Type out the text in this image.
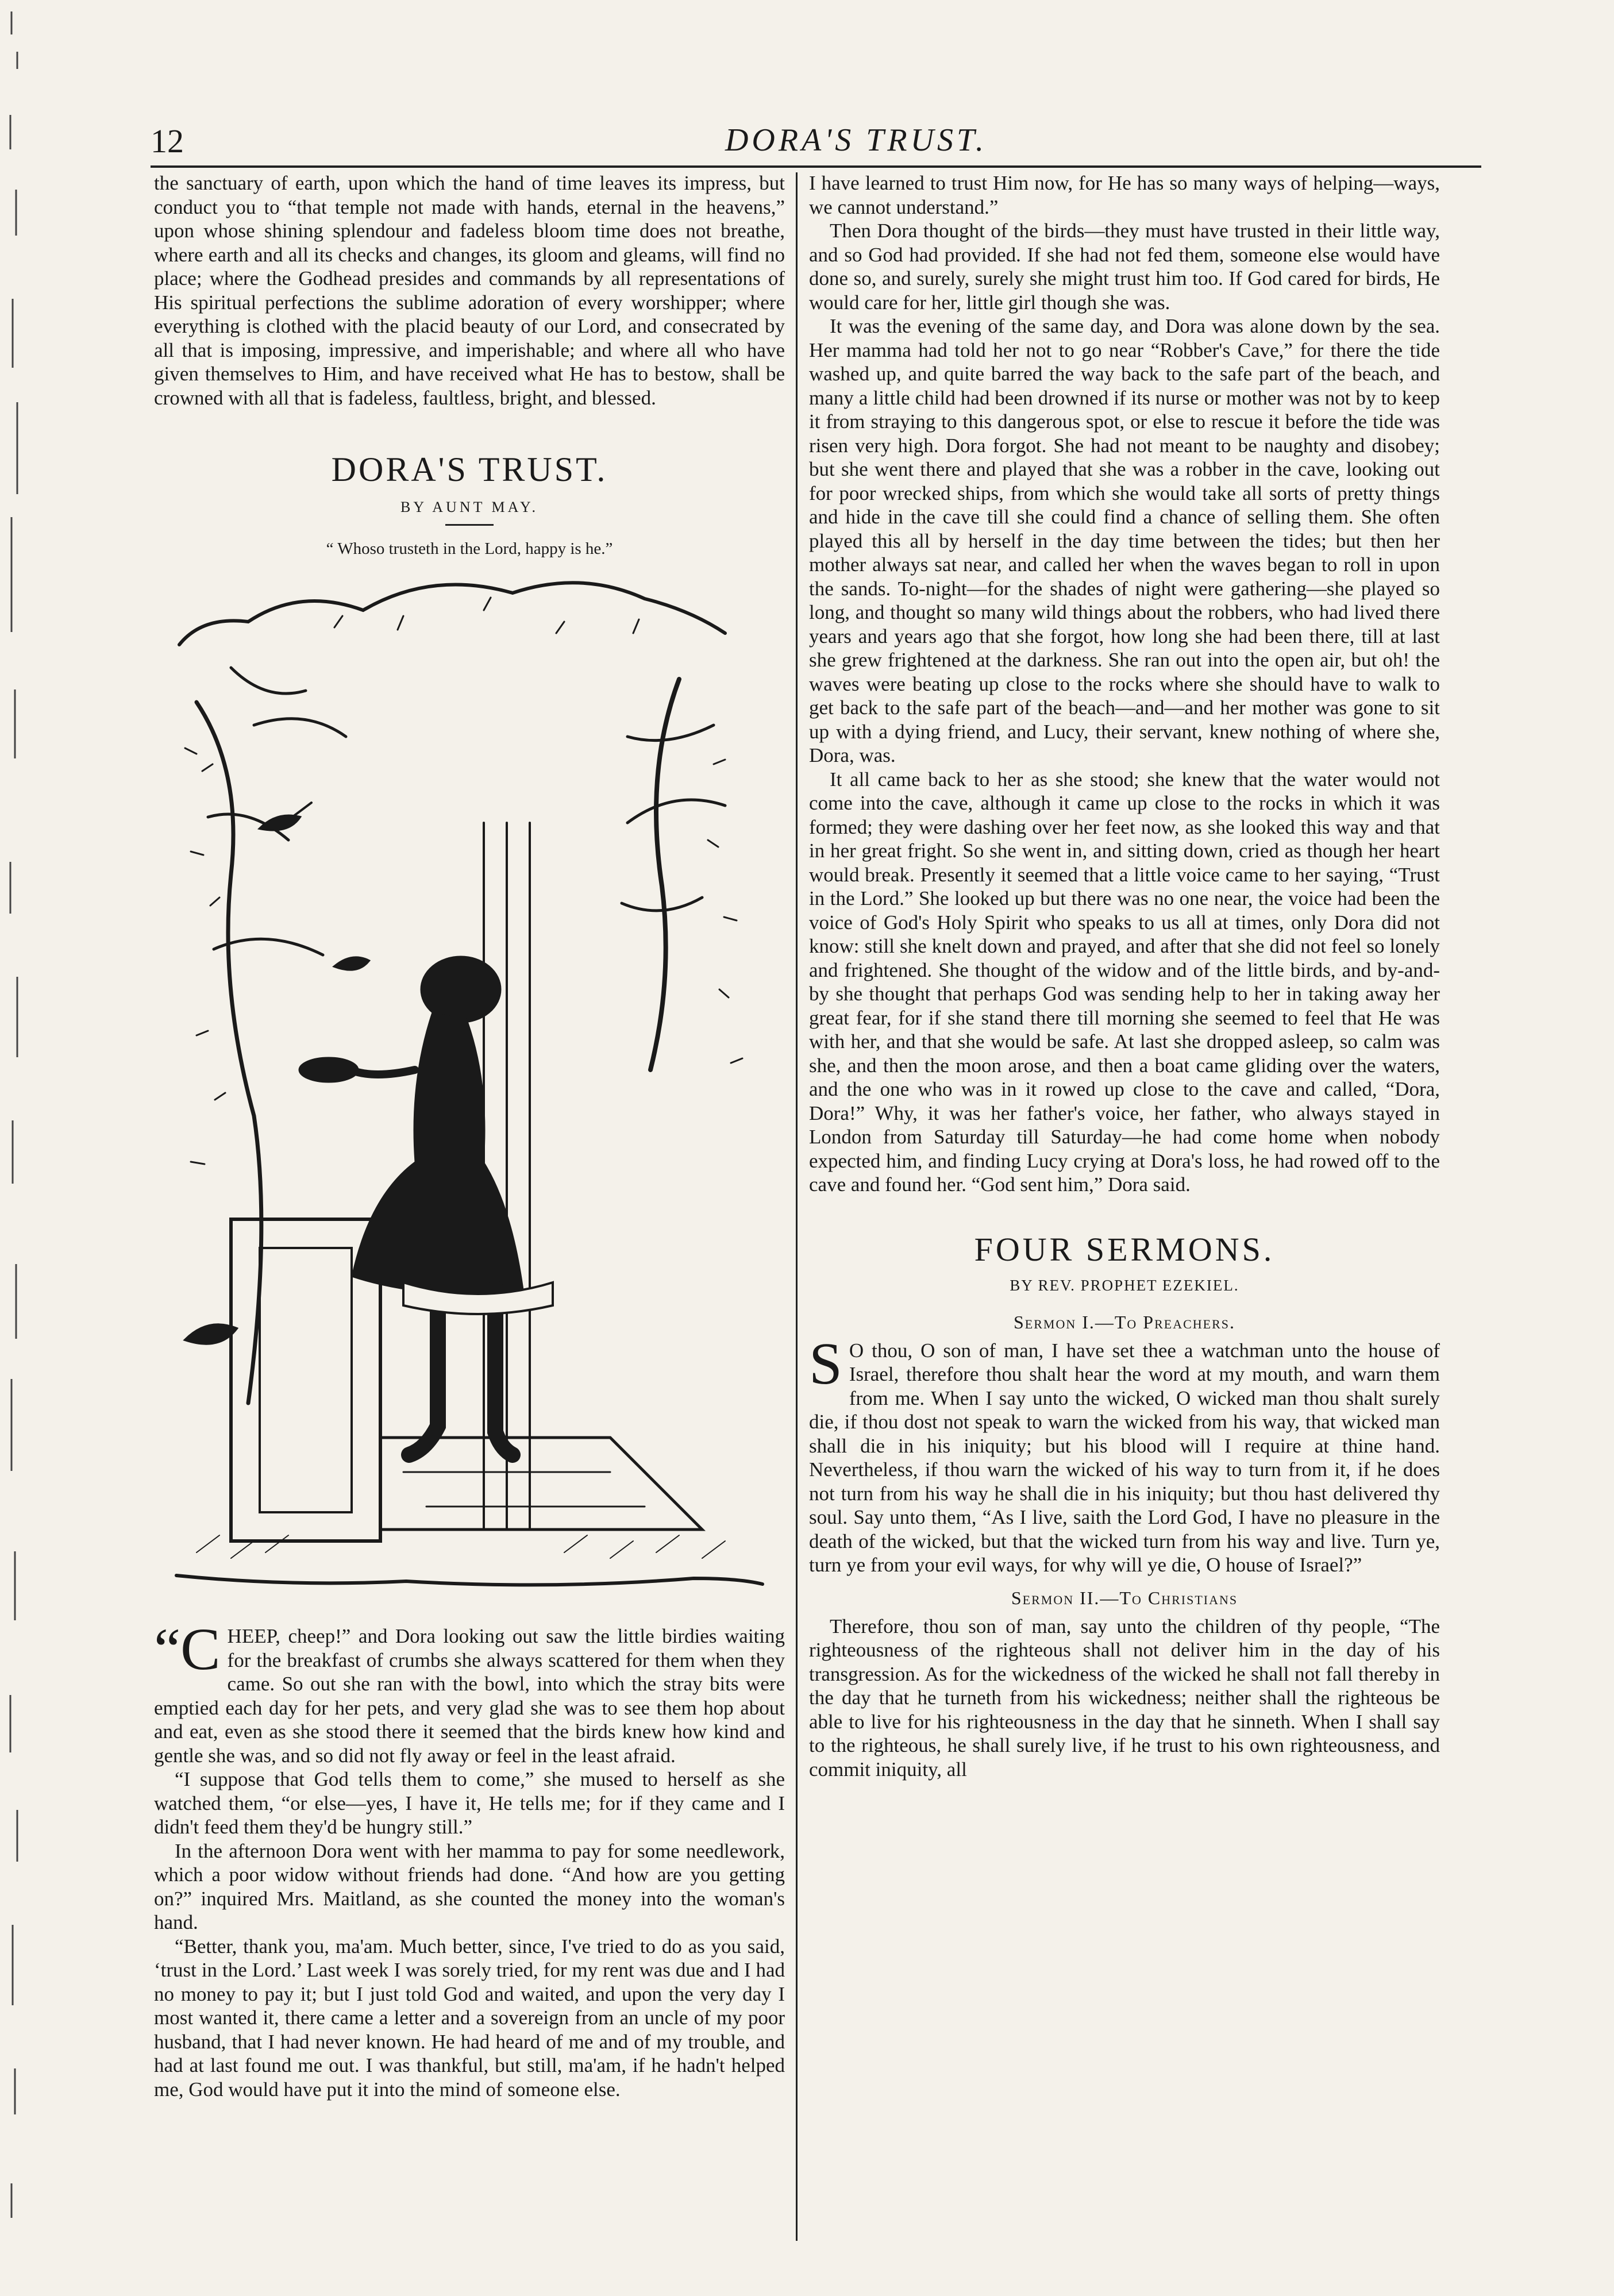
12	DORA'S TRUST.

the sanctuary of earth, upon which the hand of time leaves its impress, but conduct you to “that temple not made with hands, eternal in the heavens,” upon whose shining splendour and fadeless bloom time does not breathe, where earth and all its checks and changes, its gloom and gleams, will find no place; where the Godhead presides and commands by all representations of His spiritual perfections the sublime adoration of every worshipper; where everything is clothed with the placid beauty of our Lord, and consecrated by all that is imposing, impressive, and imperishable; and where all who have given themselves to Him, and have received what He has to bestow, shall be crowned with all that is fadeless, faultless, bright, and blessed.

DORA'S TRUST.
BY AUNT MAY.
“ Whoso trusteth in the Lord, happy is he.”

“C HEEP, cheep!” and Dora looking out saw the little birdies waiting for the breakfast of crumbs she always scattered for them when they came. So out she ran with the bowl, into which the stray bits were emptied each day for her pets, and very glad she was to see them hop about and eat, even as she stood there it seemed that the birds knew how kind and gentle she was, and so did not fly away or feel in the least afraid.

“I suppose that God tells them to come,” she mused to herself as she watched them, “or else—yes, I have it, He tells me; for if they came and I didn't feed them they'd be hungry still.”

In the afternoon Dora went with her mamma to pay for some needlework, which a poor widow without friends had done. “And how are you getting on?” inquired Mrs. Maitland, as she counted the money into the woman's hand.

“Better, thank you, ma'am. Much better, since, I've tried to do as you said, ‘trust in the Lord.’ Last week I was sorely tried, for my rent was due and I had no money to pay it; but I just told God and waited, and upon the very day I most wanted it, there came a letter and a sovereign from an uncle of my poor husband, that I had never known. He had heard of me and of my trouble, and had at last found me out. I was thankful, but still, ma'am, if he hadn't helped me, God would have put it into the mind of someone else.

I have learned to trust Him now, for He has so many ways of helping—ways, we cannot understand.”

Then Dora thought of the birds—they must have trusted in their little way, and so God had provided. If she had not fed them, someone else would have done so, and surely, surely she might trust him too. If God cared for birds, He would care for her, little girl though she was.

It was the evening of the same day, and Dora was alone down by the sea. Her mamma had told her not to go near “Robber's Cave,” for there the tide washed up, and quite barred the way back to the safe part of the beach, and many a little child had been drowned if its nurse or mother was not by to keep it from straying to this dangerous spot, or else to rescue it before the tide was risen very high. Dora forgot. She had not meant to be naughty and disobey; but she went there and played that she was a robber in the cave, looking out for poor wrecked ships, from which she would take all sorts of pretty things and hide in the cave till she could find a chance of selling them. She often played this all by herself in the day time between the tides; but then her mother always sat near, and called her when the waves began to roll in upon the sands. To-night—for the shades of night were gathering—she played so long, and thought so many wild things about the robbers, who had lived there years and years ago that she forgot, how long she had been there, till at last she grew frightened at the darkness. She ran out into the open air, but oh! the waves were beating up close to the rocks where she should have to walk to get back to the safe part of the beach—and—and her mother was gone to sit up with a dying friend, and Lucy, their servant, knew nothing of where she, Dora, was.

It all came back to her as she stood; she knew that the water would not come into the cave, although it came up close to the rocks in which it was formed; they were dashing over her feet now, as she looked this way and that in her great fright. So she went in, and sitting down, cried as though her heart would break. Presently it seemed that a little voice came to her saying, “Trust in the Lord.” She looked up but there was no one near, the voice had been the voice of God's Holy Spirit who speaks to us all at times, only Dora did not know: still she knelt down and prayed, and after that she did not feel so lonely and frightened. She thought of the widow and of the little birds, and by-and-by she thought that perhaps God was sending help to her in taking away her great fear, for if she stand there till morning she seemed to feel that He was with her, and that she would be safe. At last she dropped asleep, so calm was she, and then the moon arose, and then a boat came gliding over the waters, and the one who was in it rowed up close to the cave and called, “Dora, Dora!” Why, it was her father's voice, her father, who always stayed in London from Saturday till Saturday—he had come home when nobody expected him, and finding Lucy crying at Dora's loss, he had rowed off to the cave and found her. “God sent him,” Dora said.

FOUR SERMONS.
BY REV. PROPHET EZEKIEL.
Sermon I.—To Preachers.

S O thou, O son of man, I have set thee a watchman unto the house of Israel, therefore thou shalt hear the word at my mouth, and warn them from me. When I say unto the wicked, O wicked man thou shalt surely die, if thou dost not speak to warn the wicked from his way, that wicked man shall die in his iniquity; but his blood will I require at thine hand. Nevertheless, if thou warn the wicked of his way to turn from it, if he does not turn from his way he shall die in his iniquity; but thou hast delivered thy soul. Say unto them, “As I live, saith the Lord God, I have no pleasure in the death of the wicked, but that the wicked turn from his way and live. Turn ye, turn ye from your evil ways, for why will ye die, O house of Israel?”

Sermon II.—To Christians

Therefore, thou son of man, say unto the children of thy people, “The righteousness of the righteous shall not deliver him in the day of his transgression. As for the wickedness of the wicked he shall not fall thereby in the day that he turneth from his wickedness; neither shall the righteous be able to live for his righteousness in the day that he sinneth. When I shall say to the righteous, he shall surely live, if he trust to his own righteousness, and commit iniquity, all
